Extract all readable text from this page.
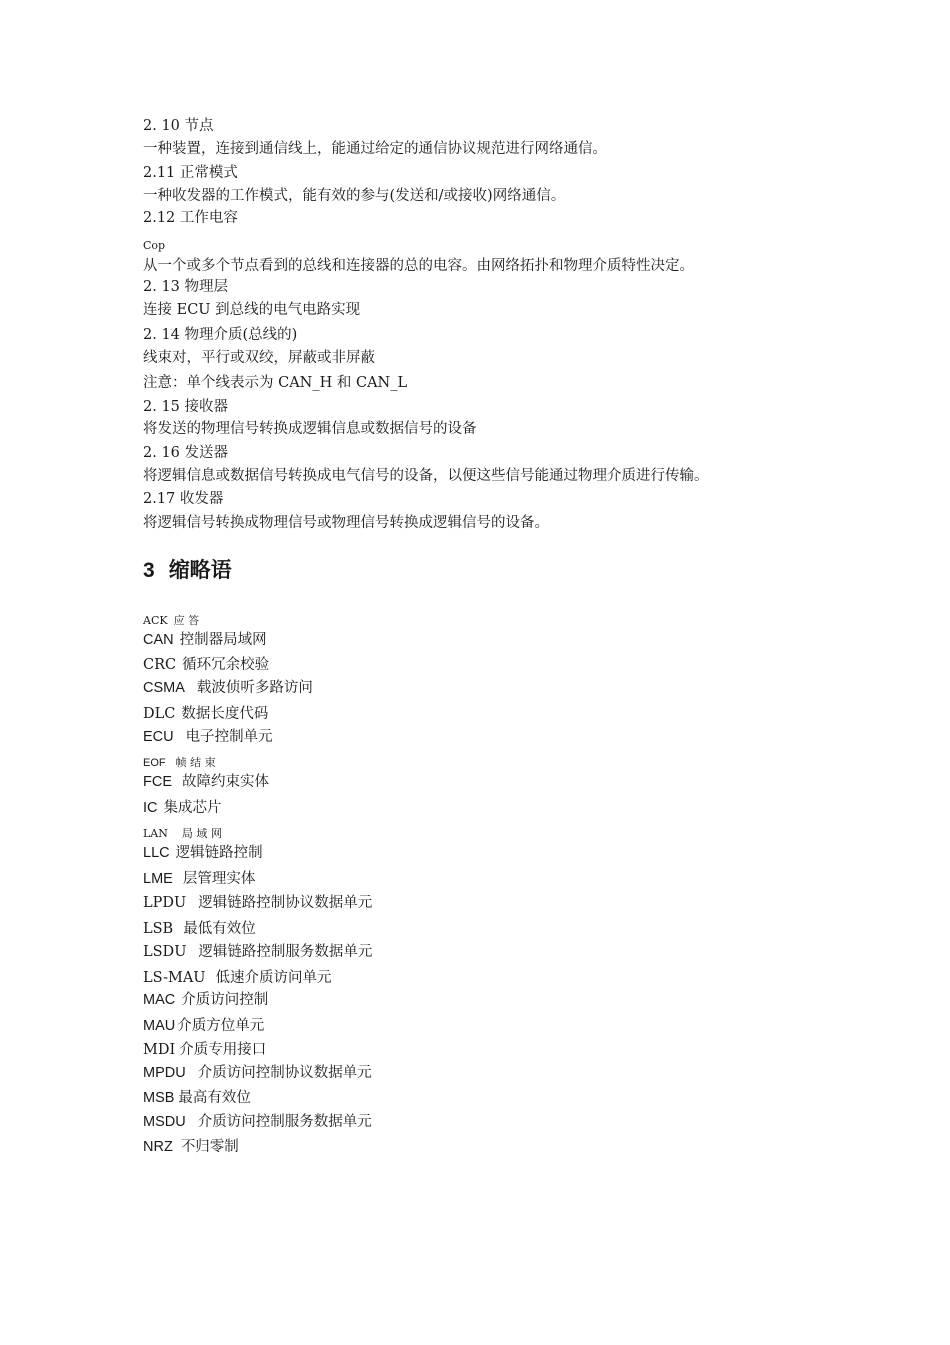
2. 10 节点
一种装置，连接到通信线上，能通过给定的通信协议规范进行网络通信。
2.11 正常模式
一种收发器的工作模式，能有效的参与(发送和/或接收)网络通信。
2.12 工作电容
Cop
从一个或多个节点看到的总线和连接器的总的电容。由网络拓扑和物理介质特性决定。
2. 13 物理层
连接 ECU 到总线的电气电路实现
2. 14 物理介质(总线的)
线束对，平行或双绞，屏蔽或非屏蔽
注意：单个线表示为 CAN_H 和 CAN_L
2. 15 接收器
将发送的物理信号转换成逻辑信息或数据信号的设备
2. 16 发送器
将逻辑信息或数据信号转换成电气信号的设备，以便这些信号能通过物理介质进行传输。
2.17 收发器
将逻辑信号转换成物理信号或物理信号转换成逻辑信号的设备。
3 缩略语
ACK 应 答
CAN 控制器局域网
CRC 循环冗余校验
CSMA 载波侦听多路访问
DLC 数据长度代码
ECU 电子控制单元
EOF 帧 结 束
FCE 故障约束实体
IC 集成芯片
LAN 局 域 网
LLC 逻辑链路控制
LME 层管理实体
LPDU 逻辑链路控制协议数据单元
LSB 最低有效位
LSDU 逻辑链路控制服务数据单元
LS-MAU 低速介质访问单元
MAC 介质访问控制
MAU 介质方位单元
MDI 介质专用接口
MPDU 介质访问控制协议数据单元
MSB 最高有效位
MSDU 介质访问控制服务数据单元
NRZ 不归零制
